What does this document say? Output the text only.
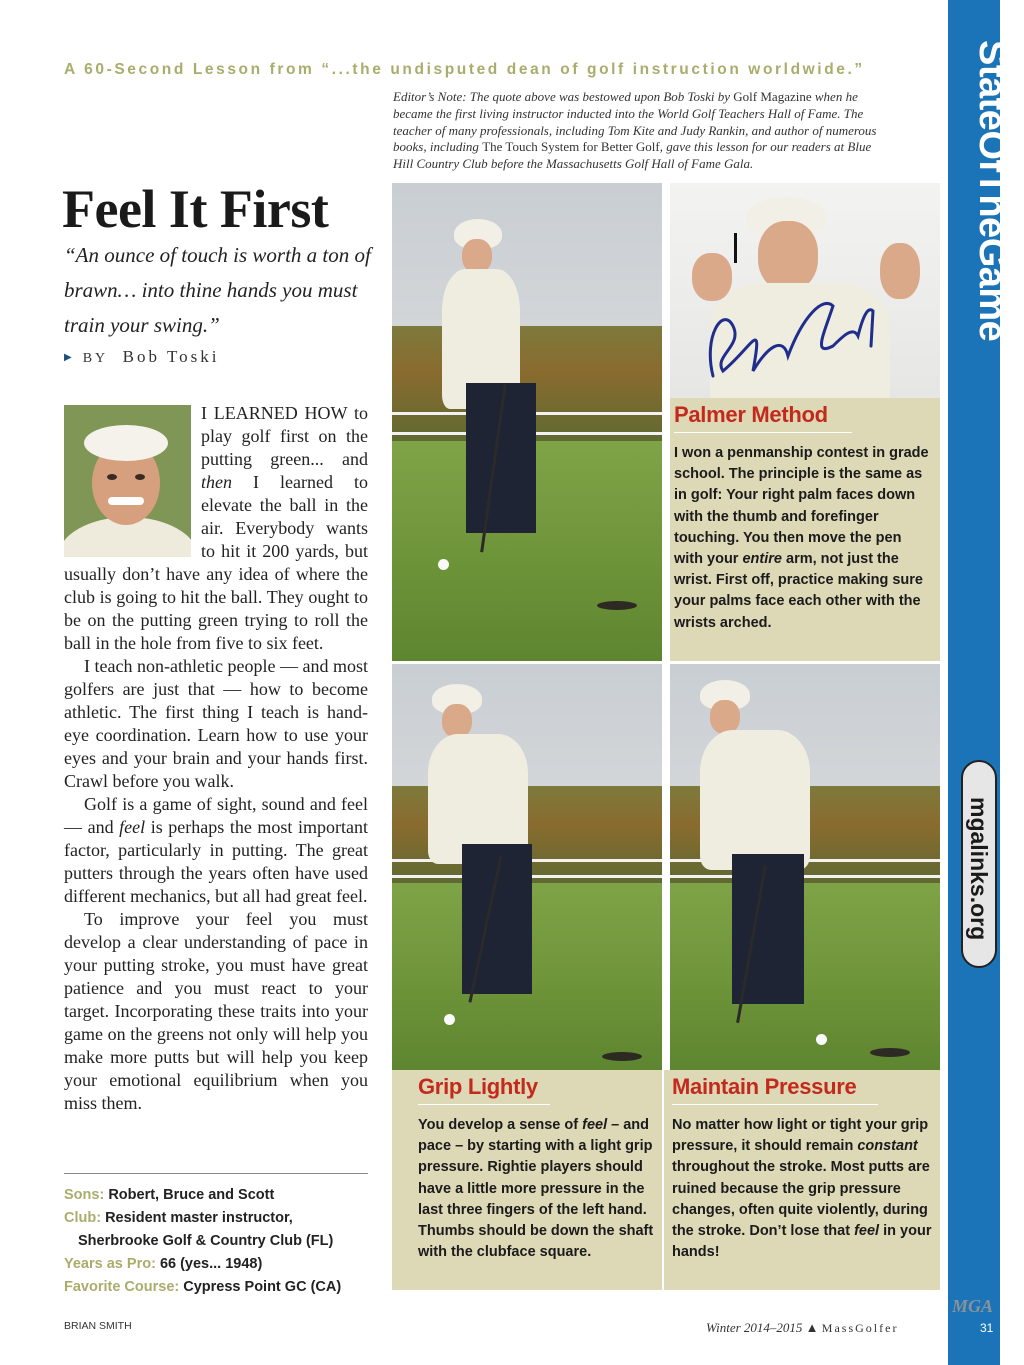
A 60-Second Lesson from “...the undisputed dean of golf instruction worldwide.”
Editor’s Note: The quote above was bestowed upon Bob Toski by Golf Magazine when he became the first living instructor inducted into the World Golf Teachers Hall of Fame. The teacher of many professionals, including Tom Kite and Judy Rankin, and author of numerous books, including The Touch System for Better Golf, gave this lesson for our readers at Blue Hill Country Club before the Massachusetts Golf Hall of Fame Gala.
Feel It First
“An ounce of touch is worth a ton of brawn… into thine hands you must train your swing.”
▶ BY Bob Toski

I LEARNED HOW to play golf first on the putting green... and then I learned to elevate the ball in the air. Everybody wants to hit it 200 yards, but usually don’t have any idea of where the club is going to hit the ball. They ought to be on the putting green trying to roll the ball in the hole from five to six feet.

I teach non-athletic people — and most golfers are just that — how to become athletic. The first thing I teach is hand-eye coordination. Learn how to use your eyes and your brain and your hands first. Crawl before you walk.

Golf is a game of sight, sound and feel — and feel is perhaps the most important factor, particularly in putting. The great putters through the years often have used different mechanics, but all had great feel.

To improve your feel you must develop a clear understanding of pace in your putting stroke, you must have great patience and you must react to your target. Incorporating these traits into your game on the greens not only will help you make more putts but will help you keep your emotional equilibrium when you miss them.

Sons: Robert, Bruce and Scott
Club: Resident master instructor,
Sherbrooke Golf & Country Club (FL)
Years as Pro: 66 (yes... 1948)
Favorite Course: Cypress Point GC (CA)
BRIAN SMITH	Winter 2014–2015 ▲ MassGolfer
Palmer Method
I won a penmanship contest in grade school. The principle is the same as in golf: Your right palm faces down with the thumb and forefinger touching. You then move the pen with your entire arm, not just the wrist. First off, practice making sure your palms face each other with the wrists arched.
Grip Lightly
You develop a sense of feel – and pace – by starting with a light grip pressure. Rightie players should have a little more pressure in the last three fingers of the left hand. Thumbs should be down the shaft with the clubface square.
Maintain Pressure
No matter how light or tight your grip pressure, it should remain constant throughout the stroke. Most putts are ruined because the grip pressure changes, often quite violently, during the stroke. Don’t lose that feel in your hands!
StateOfTheGame
mgalinks.org
MGA
31
